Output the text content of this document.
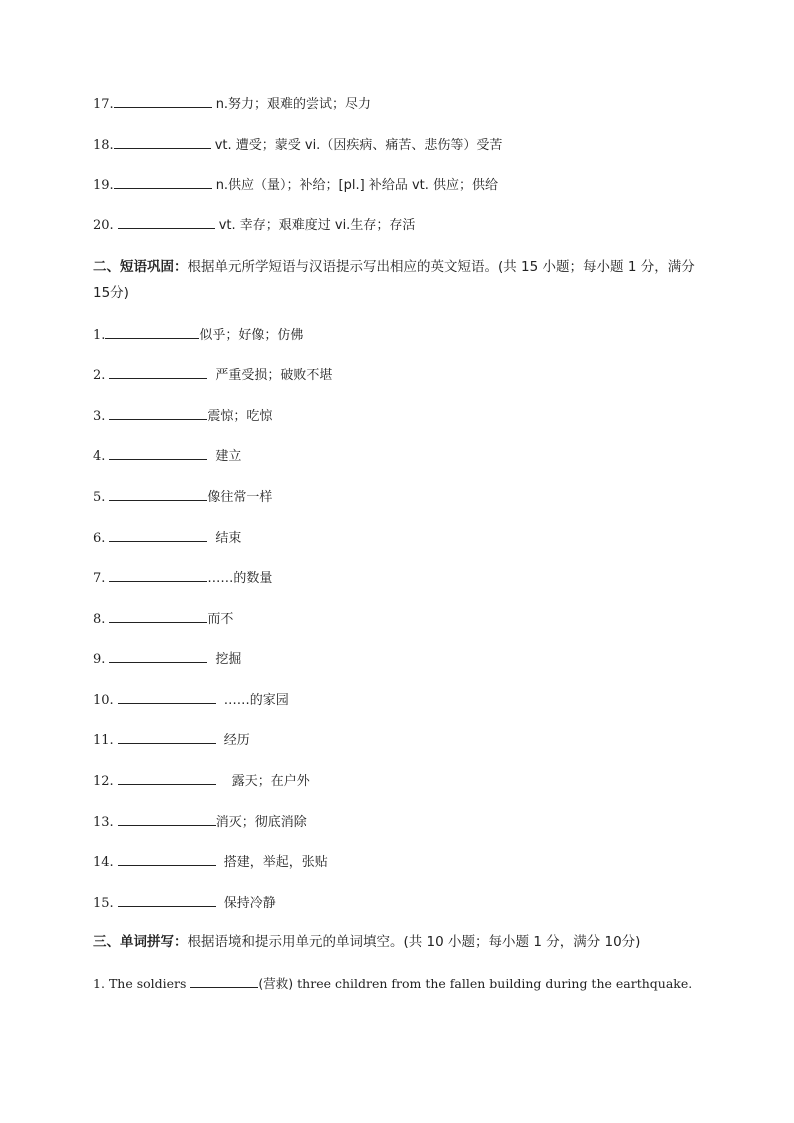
17.	n.努力；艰难的尝试；尽力
18.	vt. 遭受；蒙受 vi.（因疾病、痛苦、悲伤等）受苦
19.	n.供应（量）；补给；[pl.] 补给品 vt. 供应；供给
20.	vt. 幸存；艰难度过 vi.生存；存活
二、短语巩固：根据单元所学短语与汉语提示写出相应的英文短语。(共 15 小题；每小题 1 分，满分 15分)
1.	似乎；好像；仿佛
2.	严重受损；破败不堪
3.	震惊；吃惊
4.	建立
5.	像往常一样
6.	结束
7.	……的数量
8.	而不
9.	挖掘
10.	……的家园
11.	经历
12.	露天；在户外
13.	消灭；彻底消除
14.	搭建，举起，张贴
15.	保持冷静
三、单词拼写：根据语境和提示用单元的单词填空。(共 10 小题；每小题 1 分，满分 10分)
1. The soldiers	(营救) three children from the fallen building during the earthquake.
